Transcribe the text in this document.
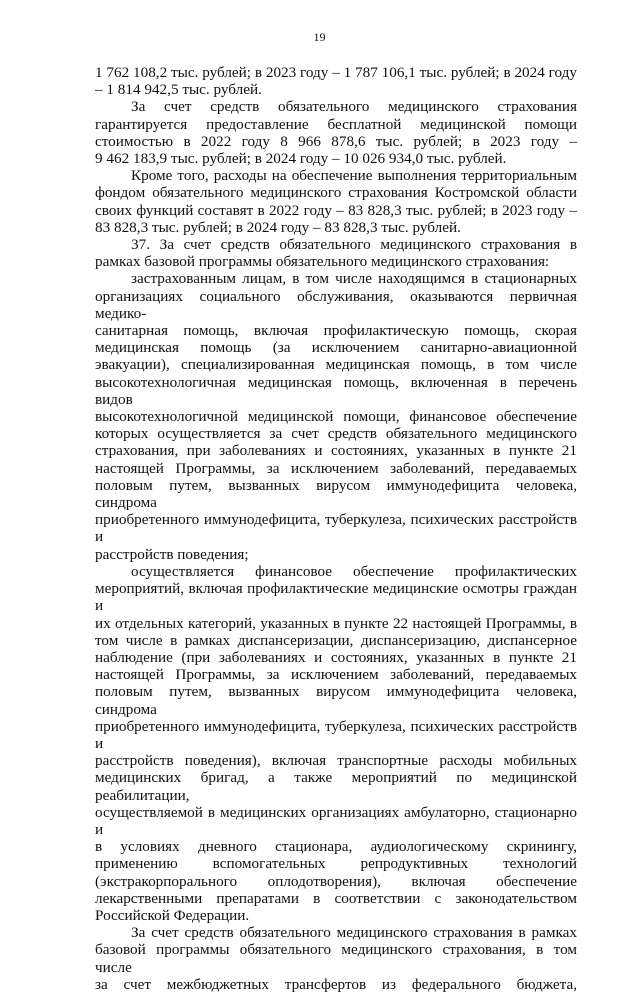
19

1 762 108,2 тыс. рублей; в 2023 году – 1 787 106,1 тыс. рублей; в 2024 году

– 1 814 942,5 тыс. рублей.

За счет средств обязательного медицинского страхования

гарантируется предоставление бесплатной медицинской помощи

стоимостью в 2022 году 8 966 878,6 тыс. рублей; в 2023 году –

9 462 183,9 тыс. рублей; в 2024 году – 10 026 934,0 тыс. рублей.

Кроме того, расходы на обеспечение выполнения территориальным

фондом обязательного медицинского страхования Костромской области

своих функций составят в 2022 году – 83 828,3 тыс. рублей; в 2023 году –

83 828,3 тыс. рублей; в 2024 году – 83 828,3 тыс. рублей.

37. За счет средств обязательного медицинского страхования в

рамках базовой программы обязательного медицинского страхования:

застрахованным лицам, в том числе находящимся в стационарных

организациях социального обслуживания, оказываются первичная медико-

санитарная помощь, включая профилактическую помощь, скорая

медицинская помощь (за исключением санитарно-авиационной

эвакуации), специализированная медицинская помощь, в том числе

высокотехнологичная медицинская помощь, включенная в перечень видов

высокотехнологичной медицинской помощи, финансовое обеспечение

которых осуществляется за счет средств обязательного медицинского

страхования, при заболеваниях и состояниях, указанных в пункте 21

настоящей Программы, за исключением заболеваний, передаваемых

половым путем, вызванных вирусом иммунодефицита человека, синдрома

приобретенного иммунодефицита, туберкулеза, психических расстройств и

расстройств поведения;

осуществляется финансовое обеспечение профилактических

мероприятий, включая профилактические медицинские осмотры граждан и

их отдельных категорий, указанных в пункте 22 настоящей Программы, в

том числе в рамках диспансеризации, диспансеризацию, диспансерное

наблюдение (при заболеваниях и состояниях, указанных в пункте 21

настоящей Программы, за исключением заболеваний, передаваемых

половым путем, вызванных вирусом иммунодефицита человека, синдрома

приобретенного иммунодефицита, туберкулеза, психических расстройств и

расстройств поведения), включая транспортные расходы мобильных

медицинских бригад, а также мероприятий по медицинской реабилитации,

осуществляемой в медицинских организациях амбулаторно, стационарно и

в условиях дневного стационара, аудиологическому скринингу,

применению вспомогательных репродуктивных технологий

(экстракорпорального оплодотворения), включая обеспечение

лекарственными препаратами в соответствии с законодательством

Российской Федерации.

За счет средств обязательного медицинского страхования в рамках

базовой программы обязательного медицинского страхования, в том числе

за счет межбюджетных трансфертов из федерального бюджета,
